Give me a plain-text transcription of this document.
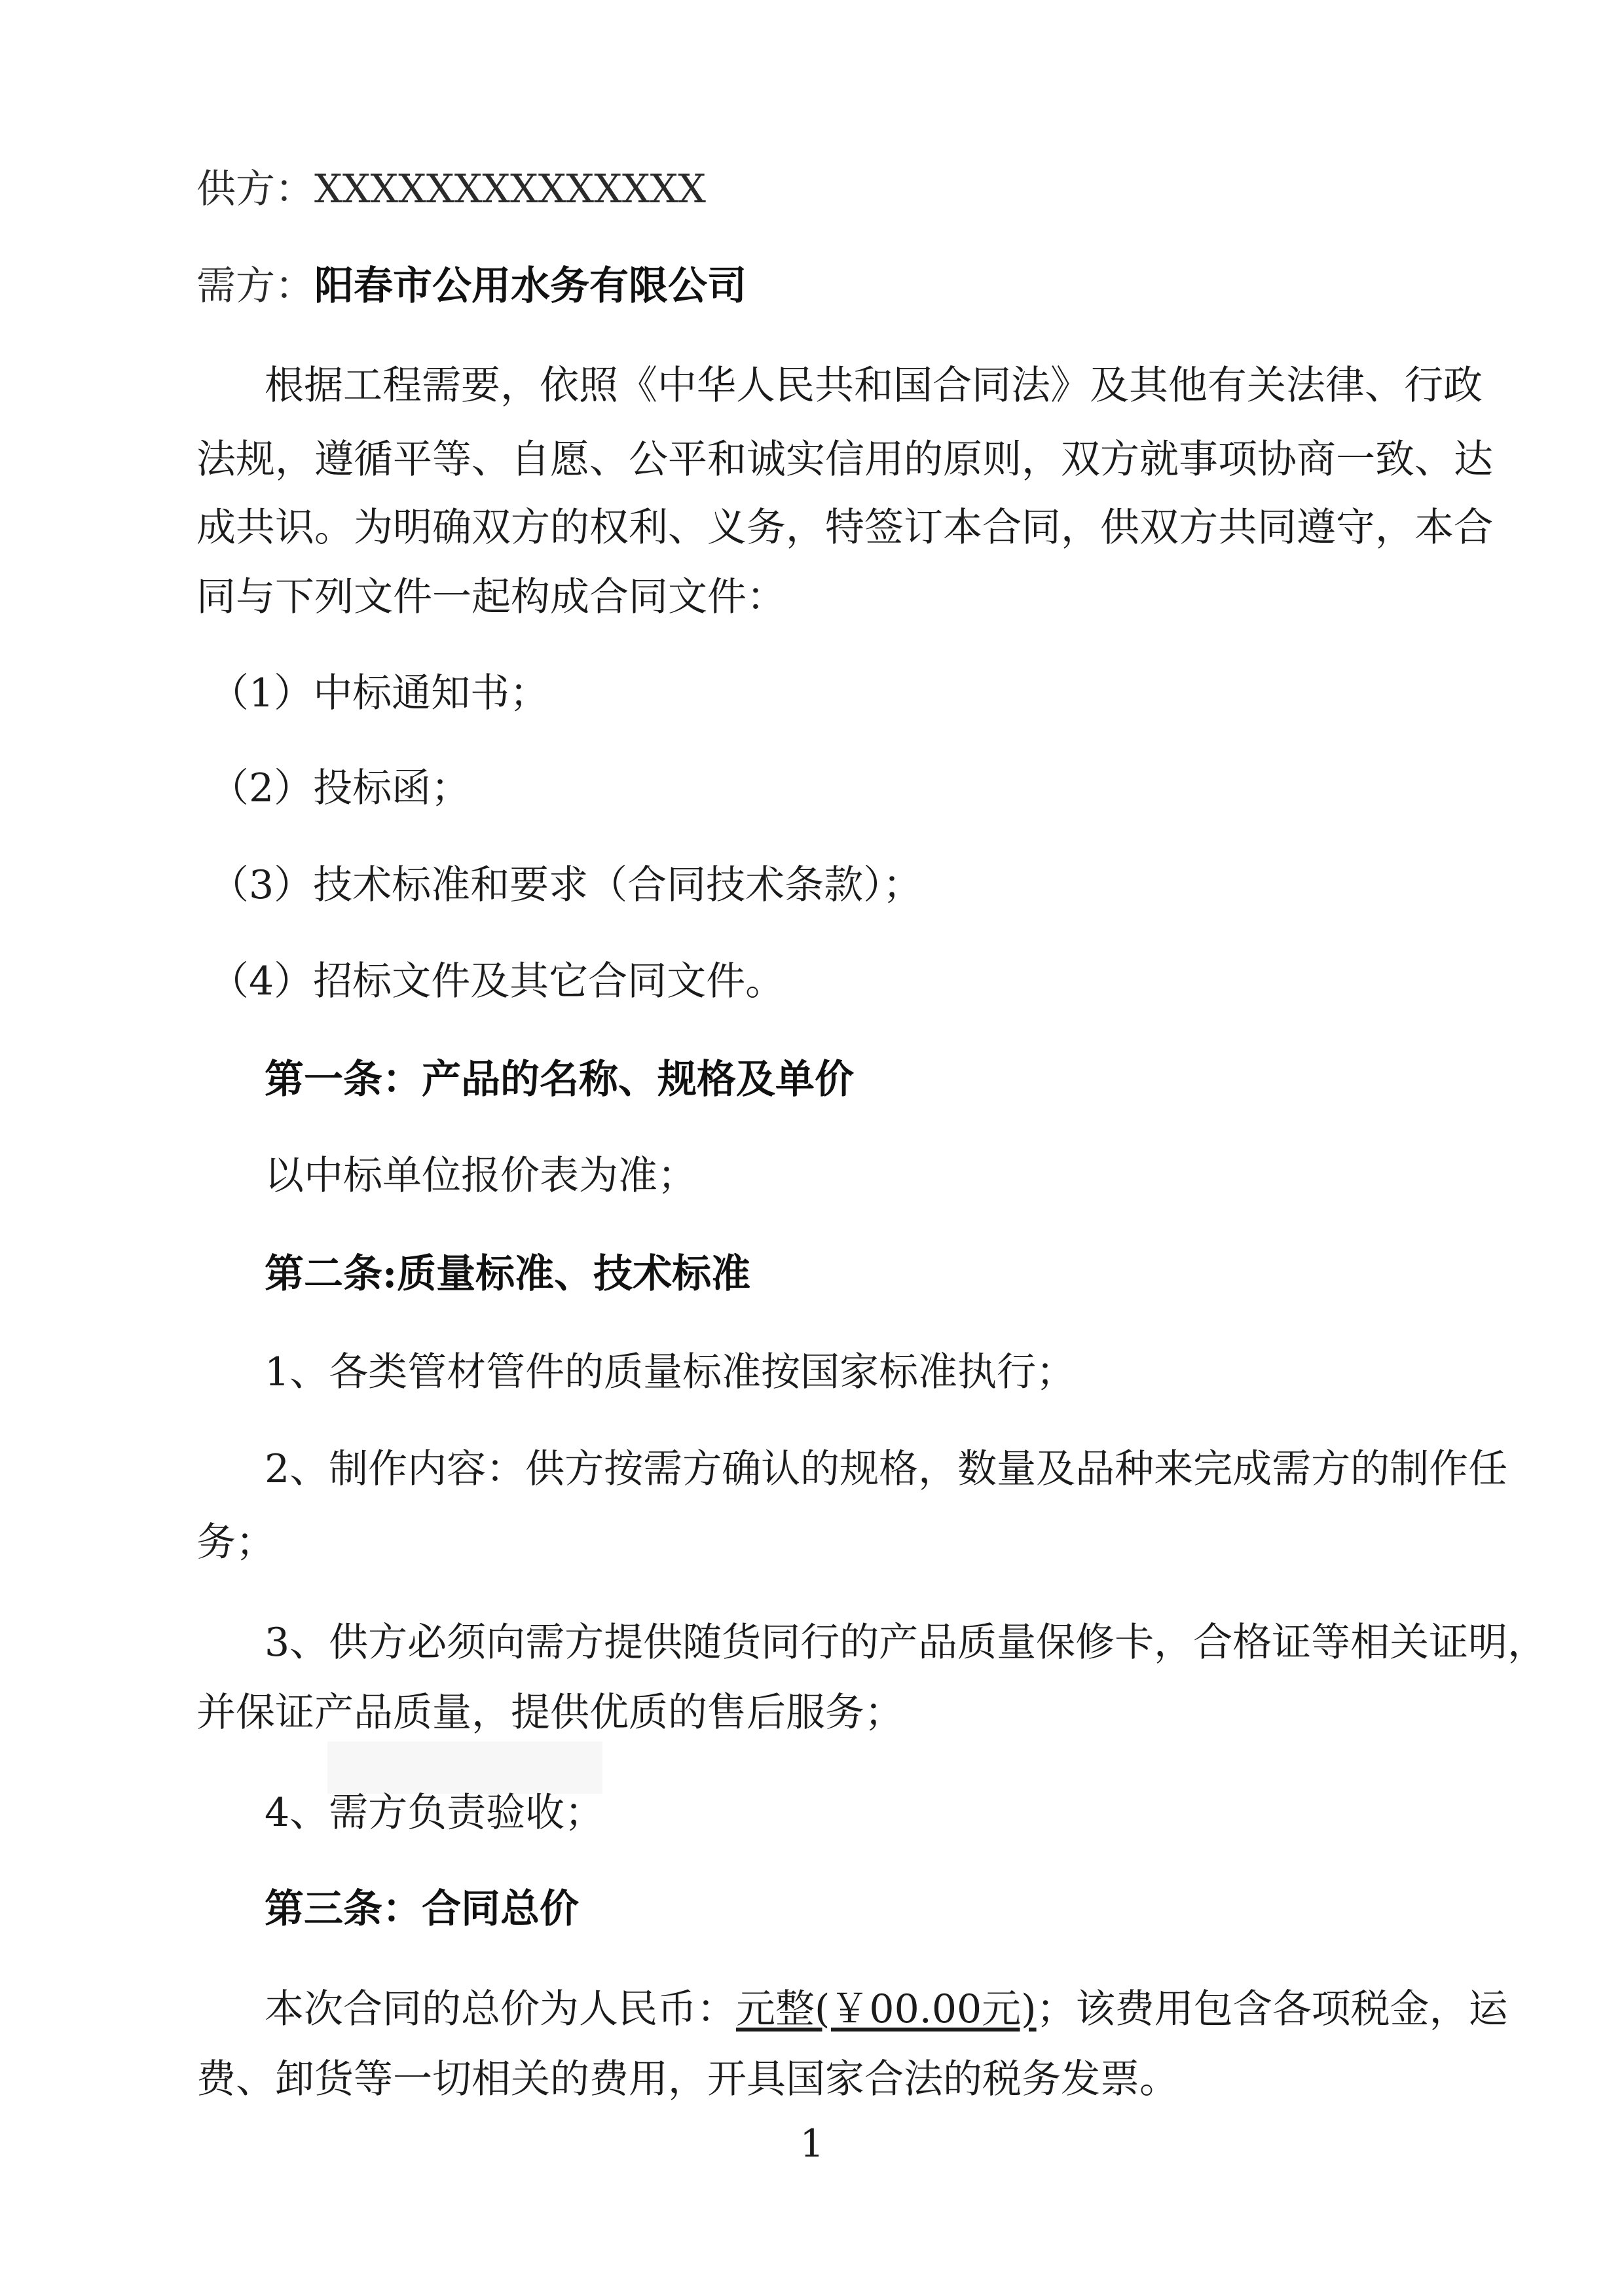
供方：XXXXXXXXXXXXXX
需方：阳春市公用水务有限公司
根据工程需要，依照《中华人民共和国合同法》及其他有关法律、行政
法规，遵循平等、自愿、公平和诚实信用的原则，双方就事项协商一致、达
成共识。为明确双方的权利、义务，特签订本合同，供双方共同遵守，本合
同与下列文件一起构成合同文件：
（1）中标通知书；
（2）投标函；
（3）技术标准和要求（合同技术条款）；
（4）招标文件及其它合同文件。
第一条：产品的名称、规格及单价
以中标单位报价表为准；
第二条:质量标准、技术标准
1、各类管材管件的质量标准按国家标准执行；
2、制作内容：供方按需方确认的规格，数量及品种来完成需方的制作任
务；
3、供方必须向需方提供随货同行的产品质量保修卡，合格证等相关证明，
并保证产品质量，提供优质的售后服务；
4、需方负责验收；
第三条：合同总价
本次合同的总价为人民币：元整(￥00.00元)；该费用包含各项税金，运
费、卸货等一切相关的费用，开具国家合法的税务发票。
1
